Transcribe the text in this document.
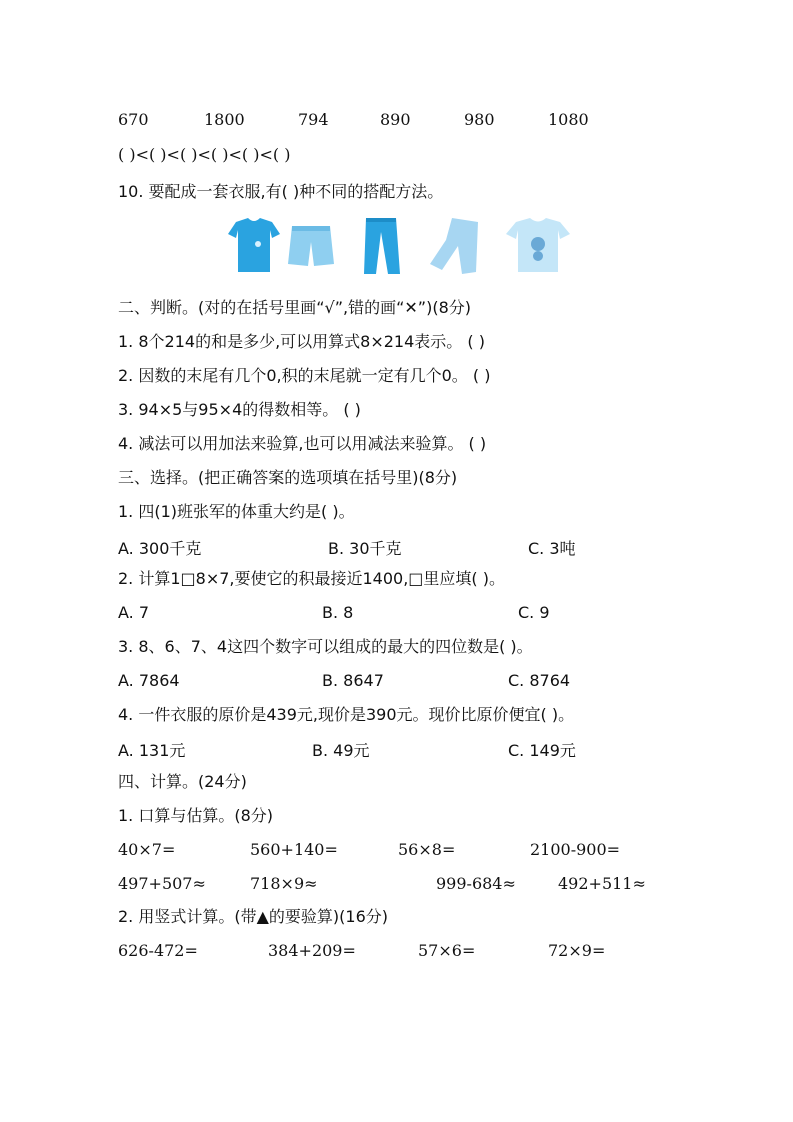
670	1800	794	890	980	1080
( )<( )<( )<( )<( )<( )
10. 要配成一套衣服,有( )种不同的搭配方法。
二、判断。(对的在括号里画“√”,错的画“✕”)(8分)
1. 8个214的和是多少,可以用算式8×214表示。 ( )
2. 因数的末尾有几个0,积的末尾就一定有几个0。 ( )
3. 94×5与95×4的得数相等。 ( )
4. 减法可以用加法来验算,也可以用减法来验算。 ( )
三、选择。(把正确答案的选项填在括号里)(8分)
1. 四(1)班张军的体重大约是( )。
A. 300千克	B. 30千克	C. 3吨
2. 计算1□8×7,要使它的积最接近1400,□里应填( )。
A. 7	B. 8	C. 9
3. 8、6、7、4这四个数字可以组成的最大的四位数是( )。
A. 7864	B. 8647	C. 8764
4. 一件衣服的原价是439元,现价是390元。现价比原价便宜( )。
A. 131元	B. 49元	C. 149元
四、计算。(24分)
1. 口算与估算。(8分)
40×7=	560+140=	56×8=	2100-900=
497+507≈	718×9≈	999-684≈	492+511≈
2. 用竖式计算。(带▲的要验算)(16分)
626-472=	384+209=	57×6=	72×9=
